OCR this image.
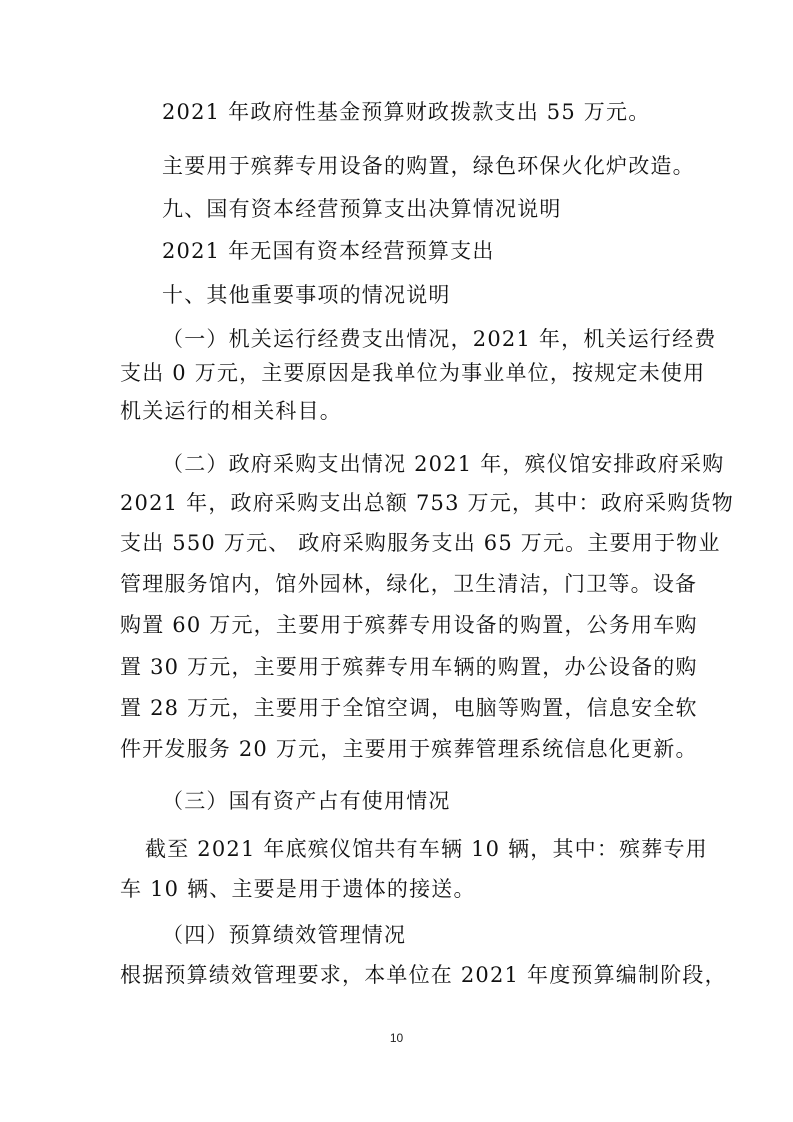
2021 年政府性基金预算财政拨款支出 55 万元。
主要用于殡葬专用设备的购置，绿色环保火化炉改造。
九、国有资本经营预算支出决算情况说明
2021 年无国有资本经营预算支出
十、其他重要事项的情况说明
（一）机关运行经费支出情况，2021 年，机关运行经费
支出 0 万元，主要原因是我单位为事业单位，按规定未使用
机关运行的相关科目。
（二）政府采购支出情况 2021 年，殡仪馆安排政府采购
2021 年，政府采购支出总额 753 万元，其中：政府采购货物
支出 550 万元、 政府采购服务支出 65 万元。主要用于物业
管理服务馆内，馆外园林，绿化，卫生清洁，门卫等。设备
购置 60 万元，主要用于殡葬专用设备的购置，公务用车购
置 30 万元，主要用于殡葬专用车辆的购置，办公设备的购
置 28 万元，主要用于全馆空调，电脑等购置，信息安全软
件开发服务 20 万元，主要用于殡葬管理系统信息化更新。
（三）国有资产占有使用情况
截至 2021 年底殡仪馆共有车辆 10 辆，其中：殡葬专用
车 10 辆、主要是用于遗体的接送。
（四）预算绩效管理情况
根据预算绩效管理要求，本单位在 2021 年度预算编制阶段，
10
